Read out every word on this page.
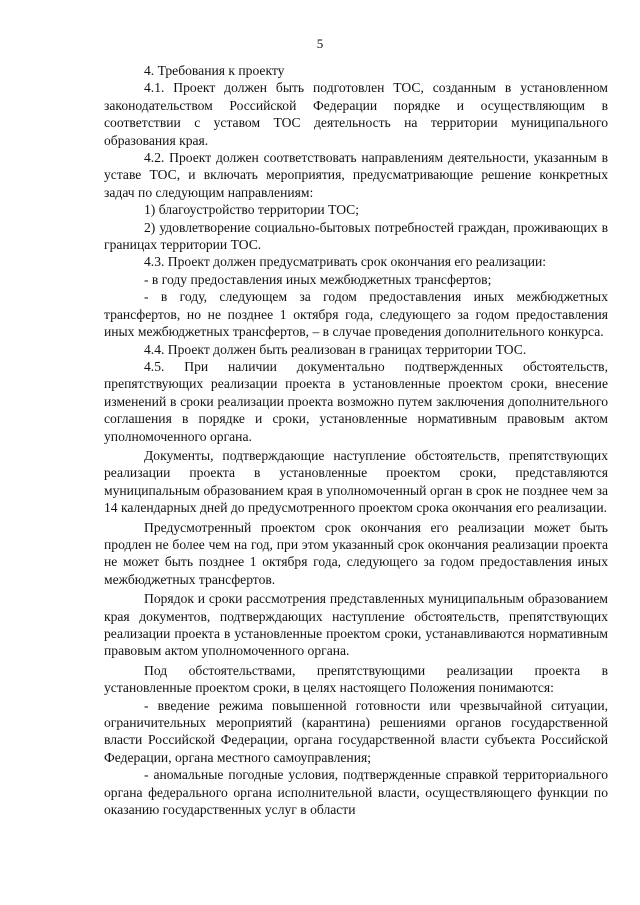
5

4. Требования к проекту

4.1. Проект должен быть подготовлен ТОС, созданным в установленном законодательством Российской Федерации порядке и осуществляющим в соответствии с уставом ТОС деятельность на территории муниципального образования края.

4.2. Проект должен соответствовать направлениям деятельности, указанным в уставе ТОС, и включать мероприятия, предусматривающие решение конкретных задач по следующим направлениям:

1) благоустройство территории ТОС;

2) удовлетворение социально-бытовых потребностей граждан, проживающих в границах территории ТОС.

4.3. Проект должен предусматривать срок окончания его реализации:

- в году предоставления иных межбюджетных трансфертов;

- в году, следующем за годом предоставления иных межбюджетных трансфертов, но не позднее 1 октября года, следующего за годом предоставления иных межбюджетных трансфертов, – в случае проведения дополнительного конкурса.

4.4. Проект должен быть реализован в границах территории ТОС.

4.5. При наличии документально подтвержденных обстоятельств, препятствующих реализации проекта в установленные проектом сроки, внесение изменений в сроки реализации проекта возможно путем заключения дополнительного соглашения в порядке и сроки, установленные нормативным правовым актом уполномоченного органа.

Документы, подтверждающие наступление обстоятельств, препятствующих реализации проекта в установленные проектом сроки, представляются муниципальным образованием края в уполномоченный орган в срок не позднее чем за 14 календарных дней до предусмотренного проектом срока окончания его реализации.

Предусмотренный проектом срок окончания его реализации может быть продлен не более чем на год, при этом указанный срок окончания реализации проекта не может быть позднее 1 октября года, следующего за годом предоставления иных межбюджетных трансфертов.

Порядок и сроки рассмотрения представленных муниципальным образованием края документов, подтверждающих наступление обстоятельств, препятствующих реализации проекта в установленные проектом сроки, устанавливаются нормативным правовым актом уполномоченного органа.

Под обстоятельствами, препятствующими реализации проекта в установленные проектом сроки, в целях настоящего Положения понимаются:

- введение режима повышенной готовности или чрезвычайной ситуации, ограничительных мероприятий (карантина) решениями органов государственной власти Российской Федерации, органа государственной власти субъекта Российской Федерации, органа местного самоуправления;

- аномальные погодные условия, подтвержденные справкой территориального органа федерального органа исполнительной власти, осуществляющего функции по оказанию государственных услуг в области
